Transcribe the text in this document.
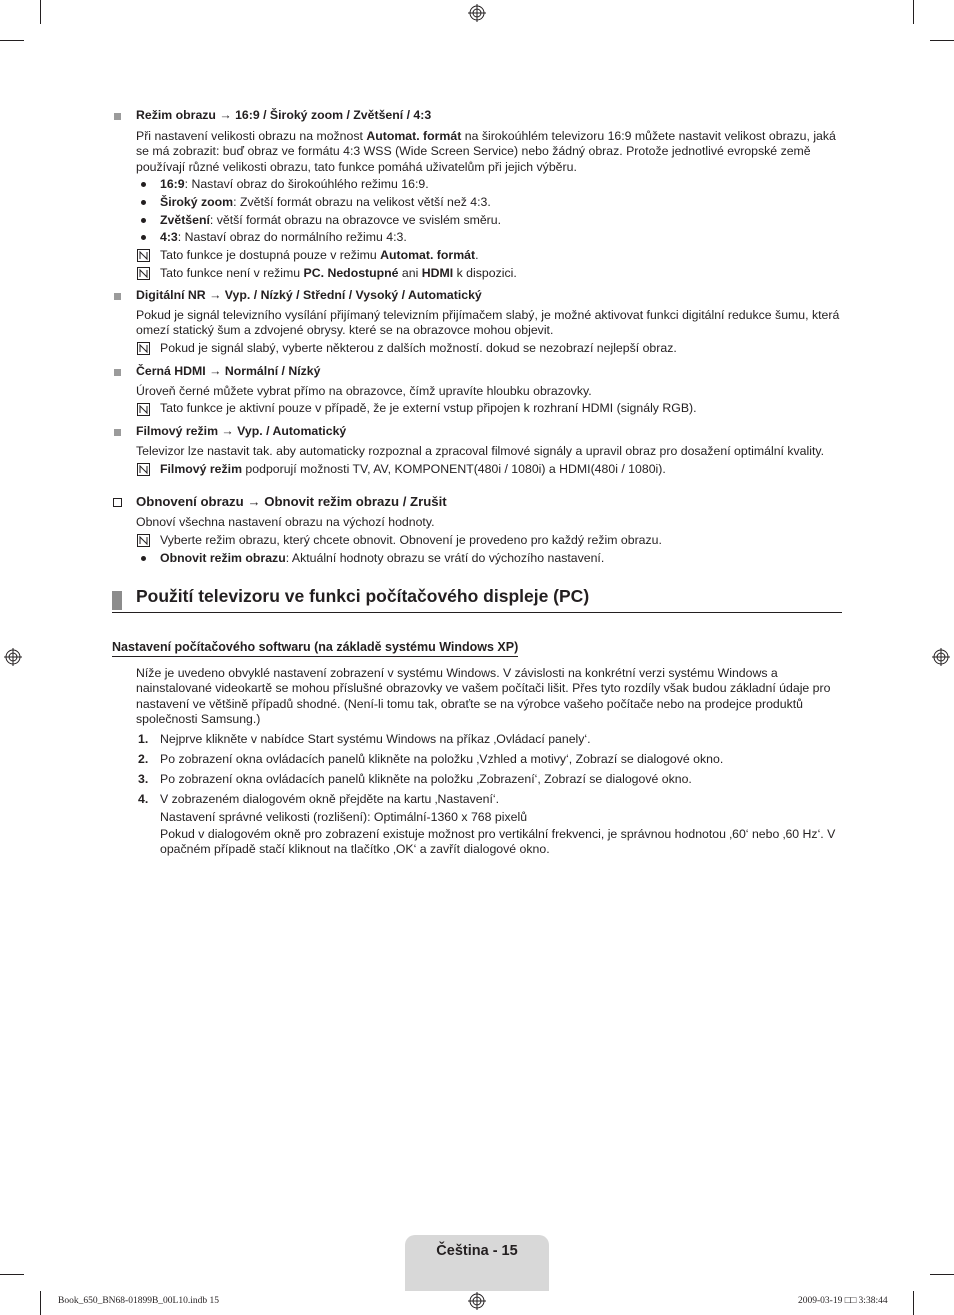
Režim obrazu → 16:9 / Široký zoom / Zvětšení / 4:3
Při nastavení velikosti obrazu na možnost Automat. formát na širokoúhlém televizoru 16:9 můžete nastavit velikost obrazu, jaká se má zobrazit: buď obraz ve formátu 4:3 WSS (Wide Screen Service) nebo žádný obraz. Protože jednotlivé evropské země používají různé velikosti obrazu, tato funkce pomáhá uživatelům při jejich výběru.
16:9: Nastaví obraz do širokoúhlého režimu 16:9.
Široký zoom: Zvětší formát obrazu na velikost větší než 4:3.
Zvětšení: větší formát obrazu na obrazovce ve svislém směru.
4:3: Nastaví obraz do normálního režimu 4:3.
Tato funkce je dostupná pouze v režimu Automat. formát.
Tato funkce není v režimu PC. Nedostupné ani HDMI k dispozici.
Digitální NR → Vyp. / Nízký / Střední / Vysoký / Automatický
Pokud je signál televizního vysílání přijímaný televizním přijímačem slabý, je možné aktivovat funkci digitální redukce šumu, která omezí statický šum a zdvojené obrysy. které se na obrazovce mohou objevit.
Pokud je signál slabý, vyberte některou z dalších možností. dokud se nezobrazí nejlepší obraz.
Černá HDMI → Normální / Nízký
Úroveň černé můžete vybrat přímo na obrazovce, čímž upravíte hloubku obrazovky.
Tato funkce je aktivní pouze v případě, že je externí vstup připojen k rozhraní HDMI (signály RGB).
Filmový režim → Vyp. / Automatický
Televizor lze nastavit tak. aby automaticky rozpoznal a zpracoval filmové signály a upravil obraz pro dosažení optimální kvality.
Filmový režim podporují možnosti TV, AV, KOMPONENT(480i / 1080i) a HDMI(480i / 1080i).
Obnovení obrazu → Obnovit režim obrazu / Zrušit
Obnoví všechna nastavení obrazu na výchozí hodnoty.
Vyberte režim obrazu, který chcete obnovit. Obnovení je provedeno pro každý režim obrazu.
Obnovit režim obrazu: Aktuální hodnoty obrazu se vrátí do výchozího nastavení.
Použití televizoru ve funkci počítačového displeje (PC)
Nastavení počítačového softwaru (na základě systému Windows XP)
Níže je uvedeno obvyklé nastavení zobrazení v systému Windows. V závislosti na konkrétní verzi systému Windows a nainstalované videokartě se mohou příslušné obrazovky ve vašem počítači lišit. Přes tyto rozdíly však budou základní údaje pro nastavení ve většině případů shodné. (Není-li tomu tak, obraťte se na výrobce vašeho počítače nebo na prodejce produktů společnosti Samsung.)
1. Nejprve klikněte v nabídce Start systému Windows na příkaz ‚Ovládací panely‘.
2. Po zobrazení okna ovládacích panelů klikněte na položku ‚Vzhled a motivy‘, Zobrazí se dialogové okno.
3. Po zobrazení okna ovládacích panelů klikněte na položku ‚Zobrazení‘, Zobrazí se dialogové okno.
4. V zobrazeném dialogovém okně přejděte na kartu ‚Nastavení‘.
Nastavení správné velikosti (rozlišení): Optimální-1360 x 768 pixelů
Pokud v dialogovém okně pro zobrazení existuje možnost pro vertikální frekvenci, je správnou hodnotou ‚60‘ nebo ‚60 Hz‘. V opačném případě stačí kliknout na tlačítko ‚OK‘ a zavřít dialogové okno.
Čeština - 15
Book_650_BN68-01899B_00L10.indb 15	2009-03-19 □□ 3:38:44
